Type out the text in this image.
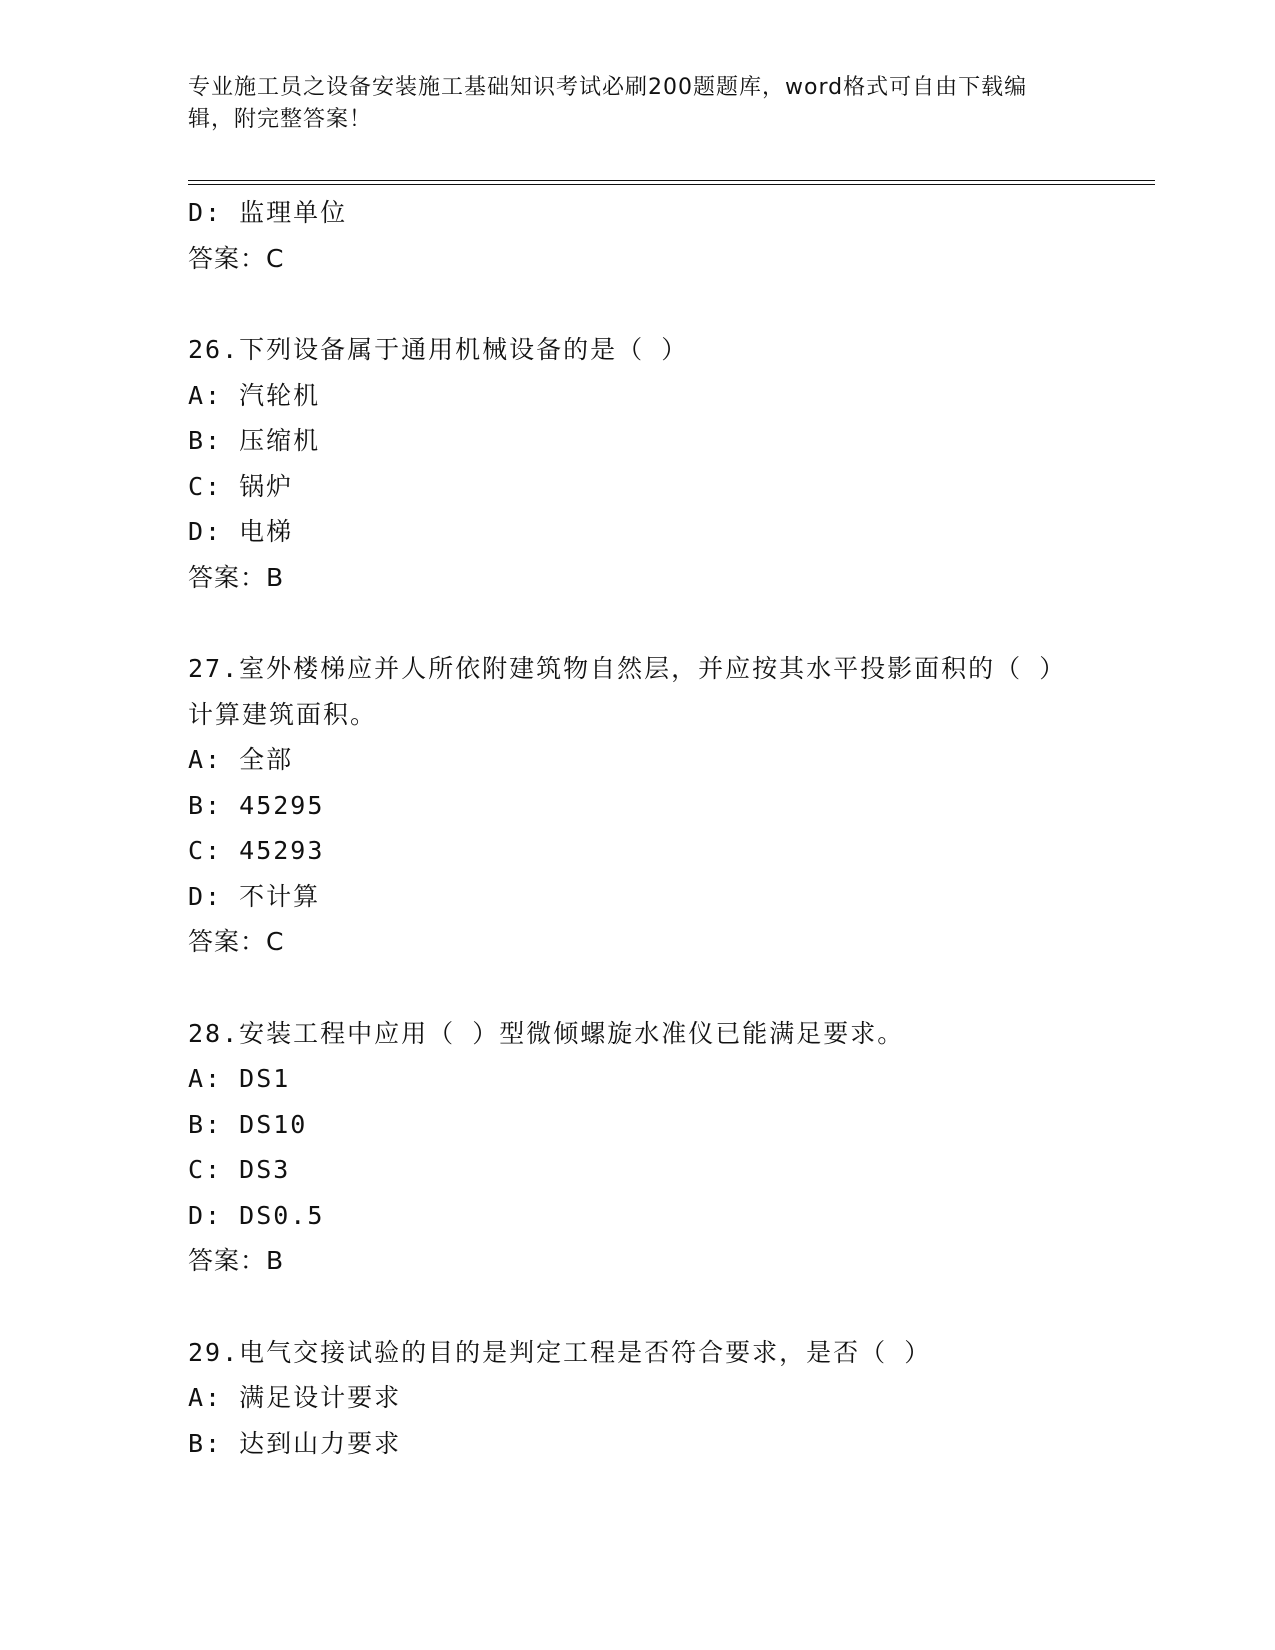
专业施工员之设备安装施工基础知识考试必刷200题题库，word格式可自由下载编辑，附完整答案！
D: 监理单位
答案：C
26.下列设备属于通用机械设备的是（ ）
A: 汽轮机
B: 压缩机
C: 锅炉
D: 电梯
答案：B
27.室外楼梯应并人所依附建筑物自然层，并应按其水平投影面积的（ ）计算建筑面积。
A: 全部
B: 45295
C: 45293
D: 不计算
答案：C
28.安装工程中应用（ ）型微倾螺旋水准仪已能满足要求。
A: DS1
B: DS10
C: DS3
D: DS0.5
答案：B
29.电气交接试验的目的是判定工程是否符合要求，是否（ ）
A: 满足设计要求
B: 达到山力要求
